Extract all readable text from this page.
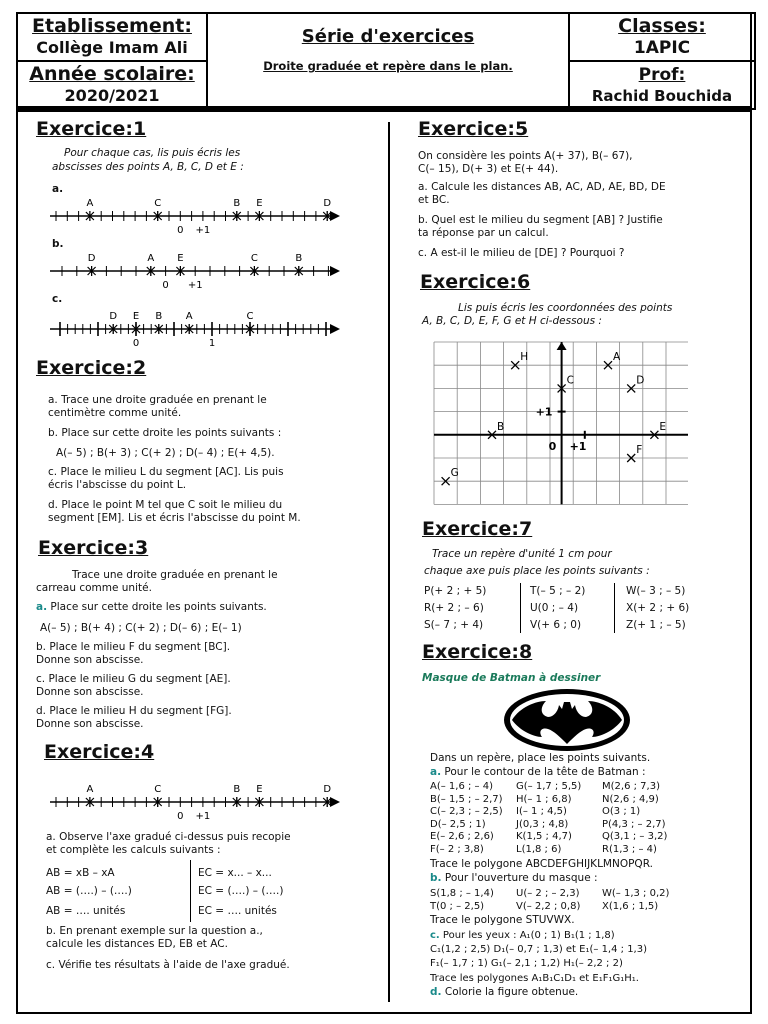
Etablissement:
Collège Imam Ali
Année scolaire:
2020/2021
Série d'exercices
Droite graduée et repère dans le plan.
Classes:
1APIC
Prof:
Rachid Bouchida
Exercice:1
Pour chaque cas, lis puis écris les
abscisses des points A, B, C, D et E :
a.
b.
c.
A	C	B E	D
0 +1
D	A E	C	B
0 +1
D E B A	C
0	1
Exercice:2
a. Trace une droite graduée en prenant le
centimètre comme unité.
b. Place sur cette droite les points suivants :
A(– 5) ; B(+ 3) ; C(+ 2) ; D(– 4) ; E(+ 4,5).
c. Place le milieu L du segment [AC]. Lis puis
écris l'abscisse du point L.
d. Place le point M tel que C soit le milieu du
segment [EM]. Lis et écris l'abscisse du point M.
Exercice:3
Trace une droite graduée en prenant le
carreau comme unité.
a. Place sur cette droite les points suivants.
A(– 5) ; B(+ 4) ; C(+ 2) ; D(– 6) ; E(– 1)
b. Place le milieu F du segment [BC].
Donne son abscisse.
c. Place le milieu G du segment [AE].
Donne son abscisse.
d. Place le milieu H du segment [FG].
Donne son abscisse.
Exercice:4
A	C	B E	D
0 +1
a. Observe l'axe gradué ci-dessus puis recopie
et complète les calculs suivants :
AB = xB – xA
AB = (….) – (….)
AB = …. unités
EC = x... – x...
EC = (….) – (….)
EC = …. unités
b. En prenant exemple sur la question a.,
calcule les distances ED, EB et AC.
c. Vérifie tes résultats à l'aide de l'axe gradué.
Exercice:5
On considère les points A(+ 37), B(– 67),
C(– 15), D(+ 3) et E(+ 44).
a. Calcule les distances AB, AC, AD, AE, BD, DE
et BC.
b. Quel est le milieu du segment [AB] ? Justifie
ta réponse par un calcul.
c. A est-il le milieu de [DE] ? Pourquoi ?
Exercice:6
Lis puis écris les coordonnées des points
A, B, C, D, E, F, G et H ci-dessous :
0 +1
+1
H
C
A
D
B	E
F
G
Exercice:7
Trace un repère d'unité 1 cm pour
chaque axe puis place les points suivants :
P(+ 2 ; + 5)	T(– 5 ; – 2)	W(– 3 ; – 5)
R(+ 2 ; – 6)	U(0 ; – 4)	X(+ 2 ; + 6)
S(– 7 ; + 4)	V(+ 6 ; 0)	Z(+ 1 ; – 5)
Exercice:8
Masque de Batman à dessiner
Dans un repère, place les points suivants.
a. Pour le contour de la tête de Batman :
A(– 1,6 ; – 4)
B(– 1,5 ; – 2,7)
C(– 2,3 ; – 2,5)
D(– 2,5 ; 1)
E(– 2,6 ; 2,6)
F(– 2 ; 3,8)
G(– 1,7 ; 5,5)
H(– 1 ; 6,8)
I(– 1 ; 4,5)
J(0,3 ; 4,8)
K(1,5 ; 4,7)
L(1,8 ; 6)
M(2,6 ; 7,3)
N(2,6 ; 4,9)
O(3 ; 1)
P(4,3 ; – 2,7)
Q(3,1 ; – 3,2)
R(1,3 ; – 4)
Trace le polygone ABCDEFGHIJKLMNOPQR.
b. Pour l'ouverture du masque :
S(1,8 ; – 1,4) U(– 2 ; – 2,3) W(– 1,3 ; 0,2)
T(0 ; – 2,5)	V(– 2,2 ; 0,8) X(1,6 ; 1,5)
Trace le polygone STUVWX.
c. Pour les yeux : A₁(0 ; 1) B₁(1 ; 1,8)
C₁(1,2 ; 2,5) D₁(– 0,7 ; 1,3) et E₁(– 1,4 ; 1,3)
F₁(– 1,7 ; 1) G₁(– 2,1 ; 1,2) H₁(– 2,2 ; 2)
Trace les polygones A₁B₁C₁D₁ et E₁F₁G₁H₁.
d. Colorie la figure obtenue.
